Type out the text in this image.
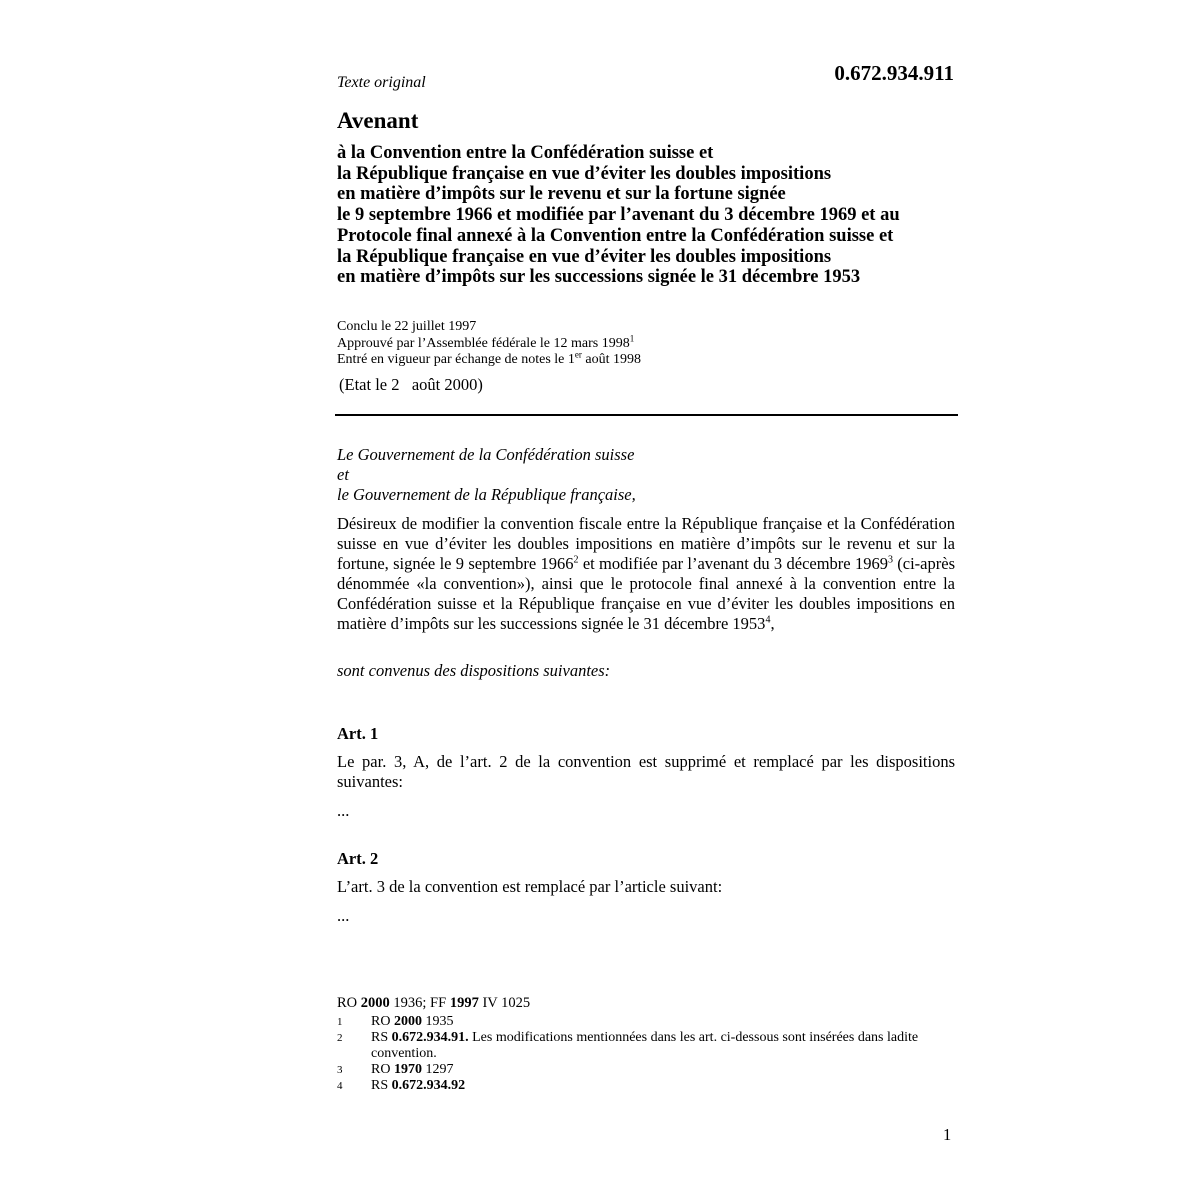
Texte original	0.672.934.911
Avenant
à la Convention entre la Confédération suisse et
la République française en vue d’éviter les doubles impositions
en matière d’impôts sur le revenu et sur la fortune signée
le 9 septembre 1966 et modifiée par l’avenant du 3 décembre 1969 et au
Protocole final annexé à la Convention entre la Confédération suisse et
la République française en vue d’éviter les doubles impositions
en matière d’impôts sur les successions signée le 31 décembre 1953
Conclu le 22 juillet 1997
Approuvé par l’Assemblée fédérale le 12 mars 1998$^1$
Entré en vigueur par échange de notes le 1er août 1998
(Etat le 2   août 2000)
Le Gouvernement de la Confédération suisse
et
le Gouvernement de la République française,
Désireux de modifier la convention fiscale entre la République française et la Confédération suisse en vue d’éviter les doubles impositions en matière d’impôts sur le revenu et sur la fortune, signée le 9 septembre 1966$^2$ et modifiée par l’avenant du 3 décembre 1969$^3$ (ci-après dénommée «la convention»), ainsi que le protocole final annexé à la convention entre la Confédération suisse et la République française en vue d’éviter les doubles impositions en matière d’impôts sur les successions signée le 31 décembre 1953$^4$,
sont convenus des dispositions suivantes:
Art. 1
Le par. 3, A, de l’art. 2 de la convention est supprimé et remplacé par les dispositions suivantes:
...
Art. 2
L’art. 3 de la convention est remplacé par l’article suivant:
...
RO 2000 1936; FF 1997 IV 1025
1	RO 2000 1935
2	RS 0.672.934.91. Les modifications mentionnées dans les art. ci-dessous sont insérées dans ladite convention.
3	RO 1970 1297
4	RS 0.672.934.92
1
